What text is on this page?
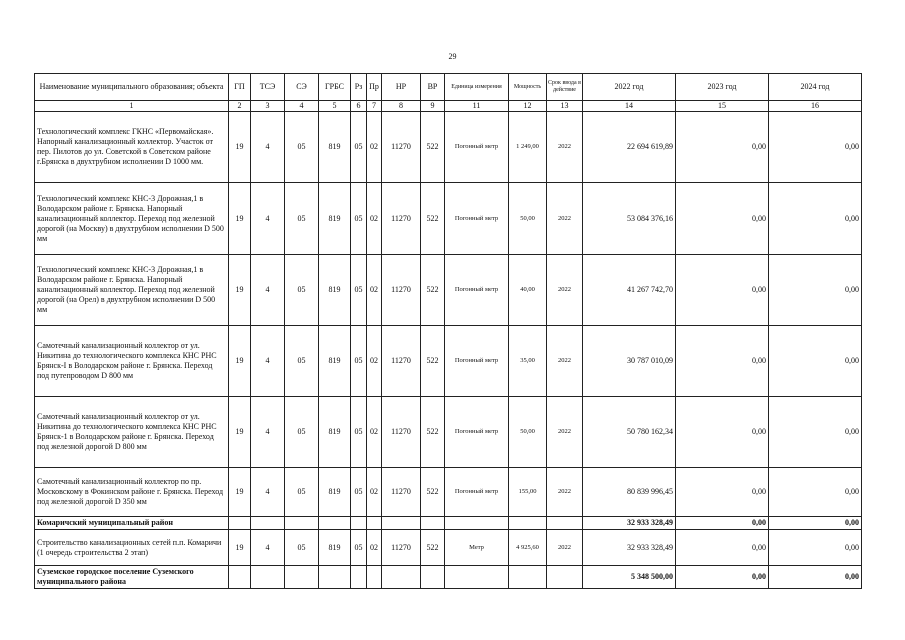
29
Наименование муниципального образования; объекта	ГП	ТСЭ	СЭ	ГРБС	Рз	Пр	НР	ВР	Единица измерения	Мощность	Срок ввода в действие	2022 год	2023 год	2024 год
1	2	3	4	5	6	7	8	9	11	12	13	14	15	16
Технологический комплекс ГКНС «Первомайская». Напорный канализационный коллектор. Участок от пер. Пилотов до ул. Советской в Советском районе г.Брянска в двухтрубном исполнении D 1000 мм.	19	4	05	819	05	02	11270	522	Погонный метр	1 249,00	2022	22 694 619,89	0,00	0,00
Технологический комплекс КНС-3 Дорожная,1 в Володарском районе г. Брянска. Напорный канализационный коллектор. Переход под железной дорогой (на Москву) в двухтрубном исполнении D 500 мм	19	4	05	819	05	02	11270	522	Погонный метр	50,00	2022	53 084 376,16	0,00	0,00
Технологический комплекс КНС-3 Дорожная,1 в Володарском районе г. Брянска. Напорный канализационный коллектор. Переход под железной дорогой (на Орел) в двухтрубном исполнении D 500 мм	19	4	05	819	05	02	11270	522	Погонный метр	40,00	2022	41 267 742,70	0,00	0,00
Самотечный канализационный коллектор от ул. Никитина до технологического комплекса КНС РНС Брянск-I в Володарском районе г. Брянска. Переход под путепроводом D 800 мм	19	4	05	819	05	02	11270	522	Погонный метр	35,00	2022	30 787 010,09	0,00	0,00
Самотечный канализационный коллектор от ул. Никитина до технологического комплекса КНС РНС Брянск-1 в Володарском районе г. Брянска. Переход под железной дорогой D 800 мм	19	4	05	819	05	02	11270	522	Погонный метр	50,00	2022	50 780 162,34	0,00	0,00
Самотечный канализационный коллектор по пр. Московскому в Фокинском районе г. Брянска. Переход под железной дорогой D 350 мм	19	4	05	819	05	02	11270	522	Погонный метр	155,00	2022	80 839 996,45	0,00	0,00
Комаричский муниципальный район												32 933 328,49	0,00	0,00
Строительство канализационных сетей п.п. Комаричи (1 очередь строительства 2 этап)	19	4	05	819	05	02	11270	522	Метр	4 925,60	2022	32 933 328,49	0,00	0,00
Суземское городское поселение Суземского муниципального района												5 348 500,00	0,00	0,00
